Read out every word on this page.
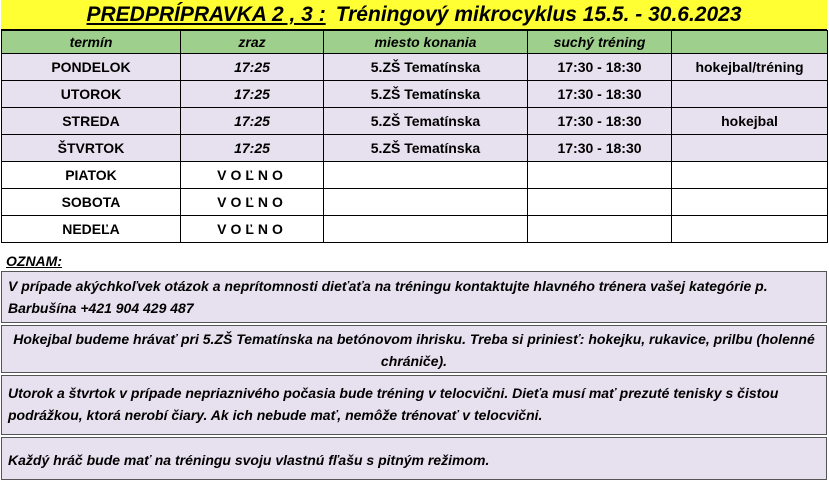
PREDPRÍPRAVKA 2 , 3 : Tréningový mikrocyklus 15.5. - 30.6.2023
termín	zraz	miesto konania	suchý tréning	
PONDELOK	17:25	5.ZŠ Tematínska	17:30 - 18:30	hokejbal/tréning
UTOROK	17:25	5.ZŠ Tematínska	17:30 - 18:30	
STREDA	17:25	5.ZŠ Tematínska	17:30 - 18:30	hokejbal
ŠTVRTOK	17:25	5.ZŠ Tematínska	17:30 - 18:30	
PIATOK	VOĽNO			
SOBOTA	VOĽNO			
NEDEĽA	VOĽNO			
OZNAM:
V prípade akýchkoľvek otázok a neprítomnosti dieťaťa na tréningu kontaktujte hlavného trénera vašej kategórie p. Barbušína +421 904 429 487
Hokejbal budeme hrávať pri 5.ZŠ Tematínska na betónovom ihrisku. Treba si priniesť: hokejku, rukavice, prilbu (holenné chrániče).
Utorok a štvrtok v prípade nepriaznivého počasia bude tréning v telocvični. Dieťa musí mať prezuté tenisky s čistou podrážkou, ktorá nerobí čiary. Ak ich nebude mať, nemôže trénovať v telocvični.
Každý hráč bude mať na tréningu svoju vlastnú fľašu s pitným režimom.
